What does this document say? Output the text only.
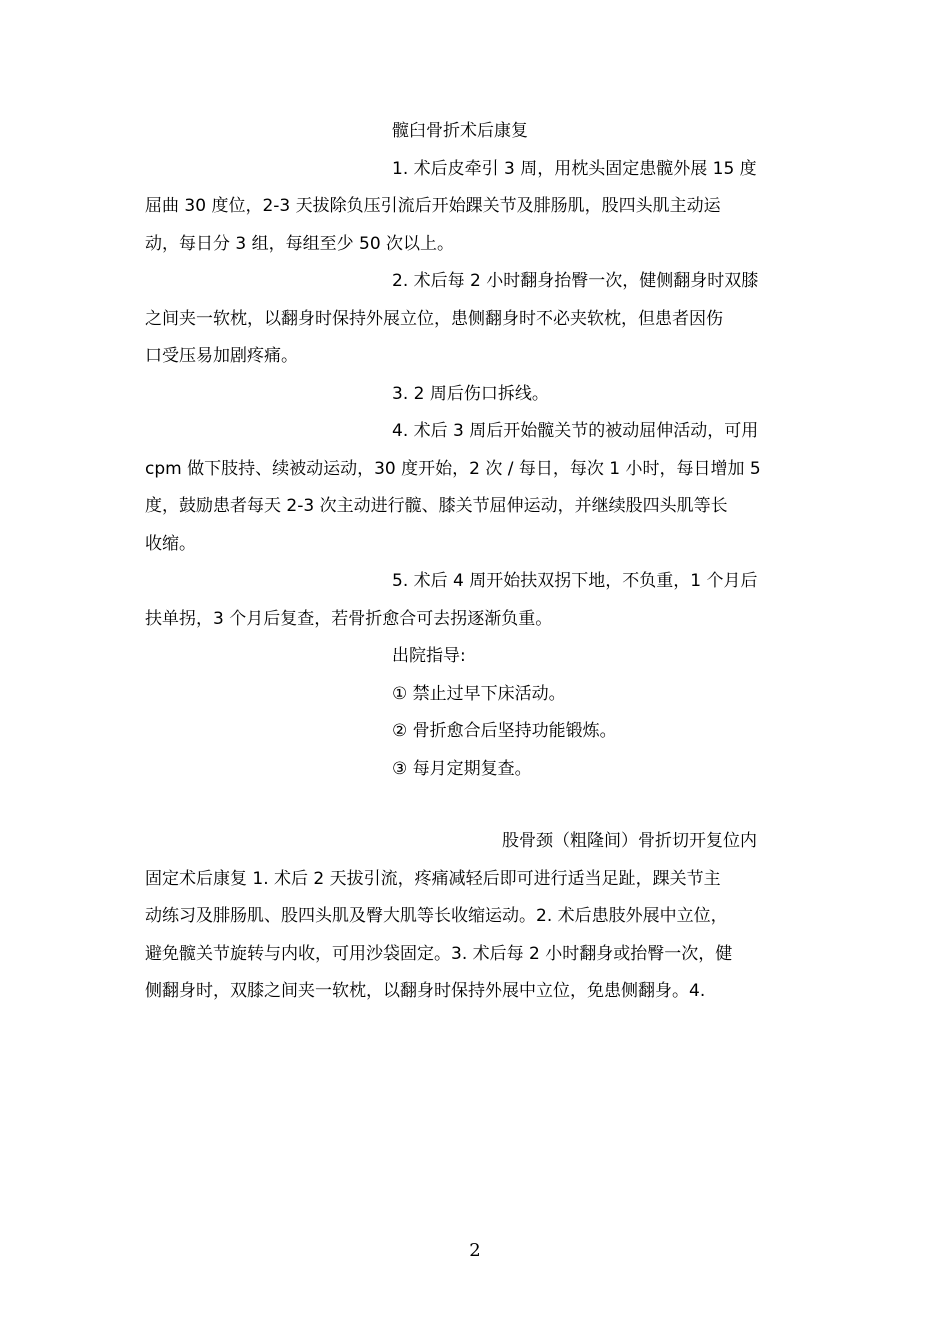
髋臼骨折术后康复
1. 术后皮牵引 3 周，用枕头固定患髋外展 15 度
屈曲 30 度位，2-3 天拔除负压引流后开始踝关节及腓肠肌，股四头肌主动运
动，每日分 3 组，每组至少 50 次以上。
2. 术后每 2 小时翻身抬臀一次，健侧翻身时双膝
之间夹一软枕，以翻身时保持外展立位，患侧翻身时不必夹软枕，但患者因伤
口受压易加剧疼痛。
3. 2 周后伤口拆线。
4. 术后 3 周后开始髋关节的被动屈伸活动，可用
cpm 做下肢持、续被动运动，30 度开始，2 次 / 每日，每次 1 小时，每日增加 5
度，鼓励患者每天 2-3 次主动进行髋、膝关节屈伸运动，并继续股四头肌等长
收缩。
5. 术后 4 周开始扶双拐下地，不负重，1 个月后
扶单拐，3 个月后复查，若骨折愈合可去拐逐渐负重。
出院指导:
① 禁止过早下床活动。
② 骨折愈合后坚持功能锻炼。
③ 每月定期复查。
股骨颈（粗隆间）骨折切开复位内
固定术后康复 1. 术后 2 天拔引流，疼痛减轻后即可进行适当足趾，踝关节主
动练习及腓肠肌、股四头肌及臀大肌等长收缩运动。2. 术后患肢外展中立位，
避免髋关节旋转与内收，可用沙袋固定。3. 术后每 2 小时翻身或抬臀一次，健
侧翻身时，双膝之间夹一软枕，以翻身时保持外展中立位，免患侧翻身。4.
2
